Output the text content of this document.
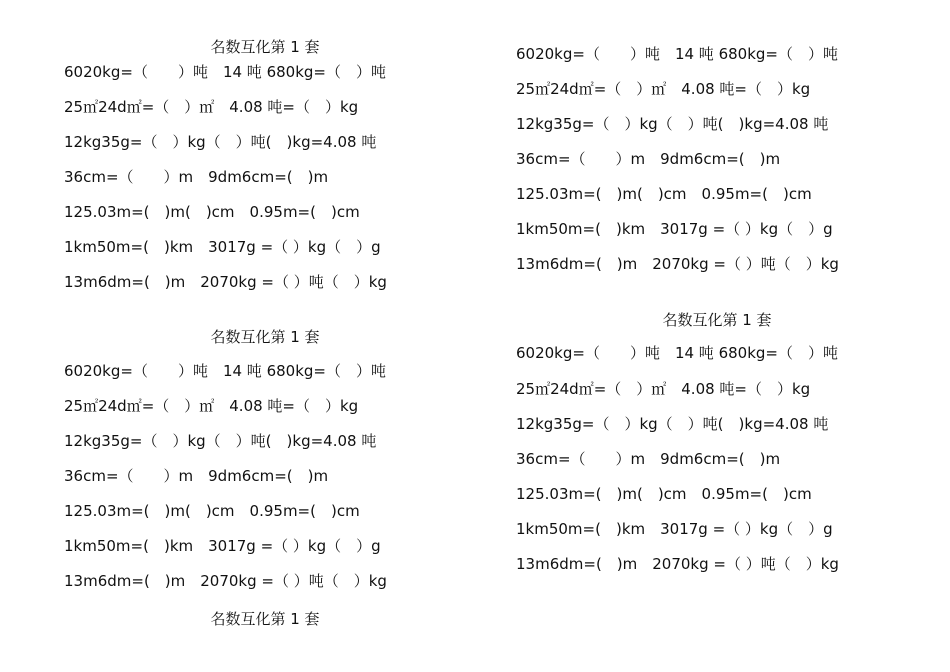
名数互化第 1 套
6020kg=（　　）吨　14 吨 680kg=（　）吨
25㎡24d㎡=（　）㎡　4.08 吨=（　）kg
12kg35g=（　）kg（　）吨(　)kg=4.08 吨
36cm=（　　）m　9dm6cm=(　)m
125.03m=(　)m(　)cm　0.95m=(　)cm
1km50m=(　)km　3017g =（ ）kg（　）g
13m6dm=(　)m　2070kg =（ ）吨（　）kg
名数互化第 1 套
6020kg=（　　）吨　14 吨 680kg=（　）吨
25㎡24d㎡=（　）㎡　4.08 吨=（　）kg
12kg35g=（　）kg（　）吨(　)kg=4.08 吨
36cm=（　　）m　9dm6cm=(　)m
125.03m=(　)m(　)cm　0.95m=(　)cm
1km50m=(　)km　3017g =（ ）kg（　）g
13m6dm=(　)m　2070kg =（ ）吨（　）kg
名数互化第 1 套
6020kg=（　　）吨　14 吨 680kg=（　）吨
25㎡24d㎡=（　）㎡　4.08 吨=（　）kg
12kg35g=（　）kg（　）吨(　)kg=4.08 吨
36cm=（　　）m　9dm6cm=(　)m
125.03m=(　)m(　)cm　0.95m=(　)cm
1km50m=(　)km　3017g =（ ）kg（　）g
13m6dm=(　)m　2070kg =（ ）吨（　）kg
名数互化第 1 套
6020kg=（　　）吨　14 吨 680kg=（　）吨
25㎡24d㎡=（　）㎡　4.08 吨=（　）kg
12kg35g=（　）kg（　）吨(　)kg=4.08 吨
36cm=（　　）m　9dm6cm=(　)m
125.03m=(　)m(　)cm　0.95m=(　)cm
1km50m=(　)km　3017g =（ ）kg（　）g
13m6dm=(　)m　2070kg =（ ）吨（　）kg
